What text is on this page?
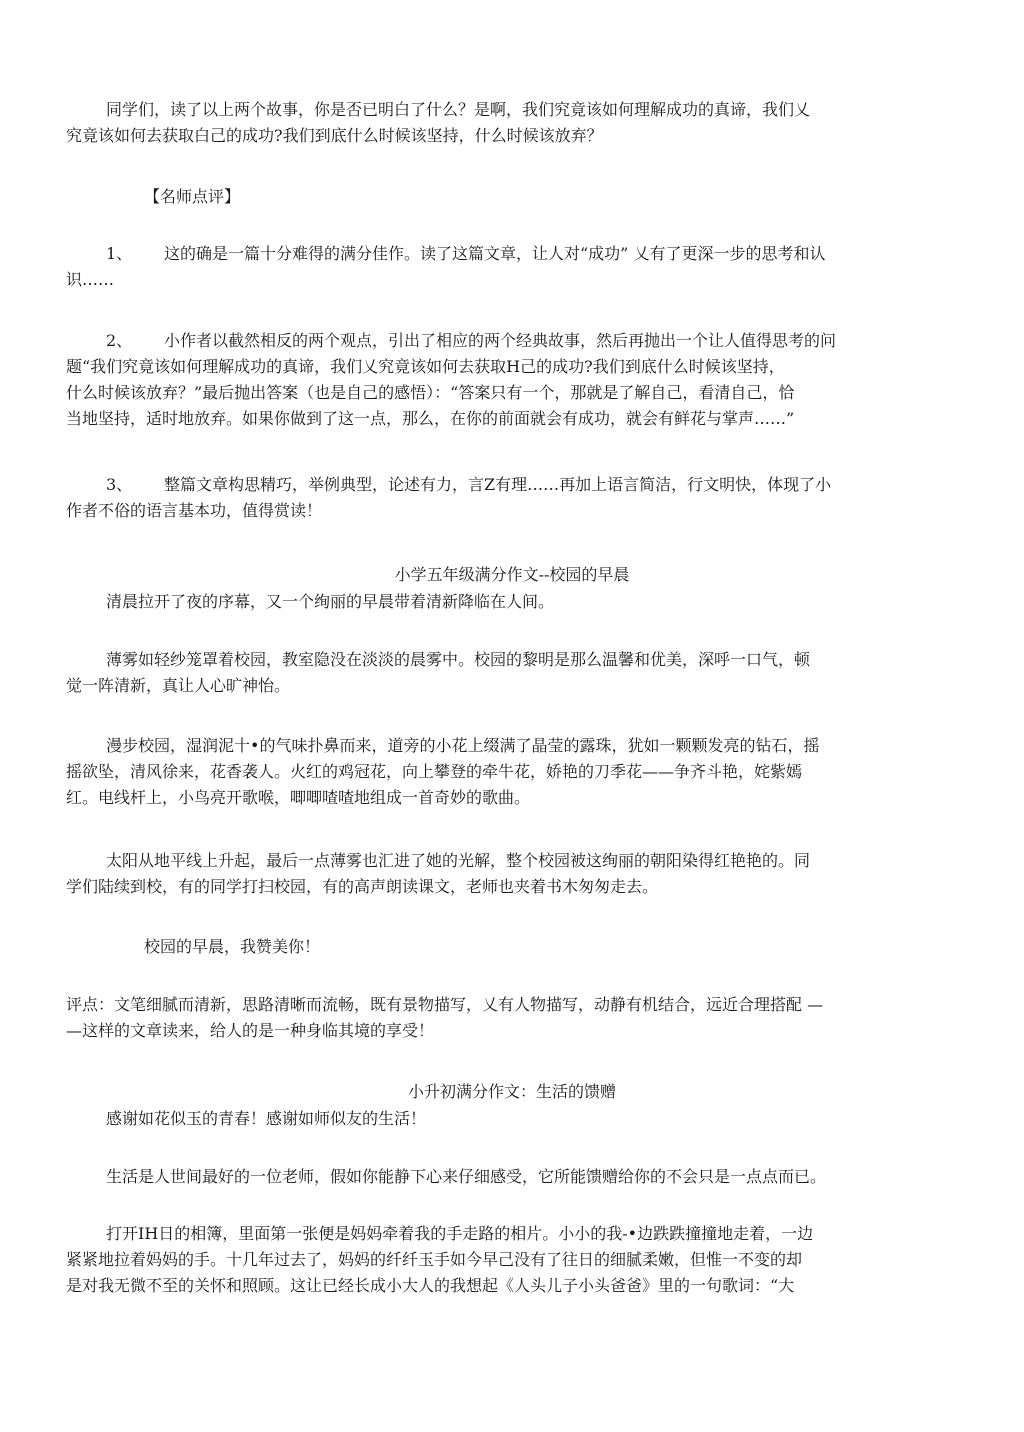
同学们，读了以上两个故事，你是否已明白了什么？是啊，我们究竟该如何理解成功的真谛，我们乂
究竟该如何去获取白己的成功?我们到底什么时候该坚持，什么时候该放弃？
【名师点评】
1、 这的确是一篇十分难得的满分佳作。读了这篇文章，让人对“成功” 乂有了更深一步的思考和认
识……
2、 小作者以截然相反的两个观点，引出了相应的两个经典故事，然后再抛出一个让人值得思考的问
题“我们究竟该如何理解成功的真谛，我们乂究竟该如何去获取H己的成功?我们到底什么时候该坚持，
什么时候该放弃？”最后抛出答案（也是自己的感悟）：“答案只有一个，那就是了解自己，看清自己，恰
当地坚持，适时地放弃。如果你做到了这一点，那么，在你的前面就会有成功，就会有鲜花与掌声……”
3、 整篇文章构思精巧，举例典型，论述有力，言Z有理……再加上语言简洁，行文明快，体现了小
作者不俗的语言基本功，值得赏读！
小学五年级满分作文--校园的早晨
清晨拉开了夜的序幕，又一个绚丽的早晨带着清新降临在人间。
薄雾如轻纱笼罩着校园，教室隐没在淡淡的晨雾中。校园的黎明是那么温馨和优美，深呼一口气，顿
觉一阵清新，真让人心旷神怡。
漫步校园，湿润泥十•的气味扑鼻而来，道旁的小花上缀满了晶莹的露珠，犹如一颗颗发亮的钻石，摇
摇欲坠，清风徐来，花香袭人。火红的鸡冠花，向上攀登的牵牛花，娇艳的刀季花——争齐斗艳，姹紫嫣
红。电线杆上，小鸟亮开歌喉，唧唧喳喳地组成一首奇妙的歌曲。
太阳从地平线上升起，最后一点薄雾也汇进了她的光解，整个校园被这绚丽的朝阳染得红艳艳的。同
学们陆续到校，有的同学打扫校园，有的高声朗读课文，老师也夹着书木匆匆走去。
校园的早晨，我赞美你！
评点：文笔细腻而清新，思路清晰而流畅，既有景物描写，乂有人物描写，动静有机结合，远近合理搭配 —
—这样的文章读来，给人的是一种身临其境的享受！
小升初满分作文：生活的馈赠
感谢如花似玉的青春！感谢如师似友的生活！
生活是人世间最好的一位老师，假如你能静下心来仔细感受，它所能馈赠给你的不会只是一点点而已。
打开IH日的相簿，里面第一张便是妈妈牵着我的手走路的相片。小小的我-•边跌跌撞撞地走着，一边
紧紧地拉着妈妈的手。十几年过去了，妈妈的纤纤玉手如今早己没有了往日的细腻柔嫩，但惟一不变的却
是对我无微不至的关怀和照顾。这让已经长成小大人的我想起《人头儿子小头爸爸》里的一句歌词：“大
